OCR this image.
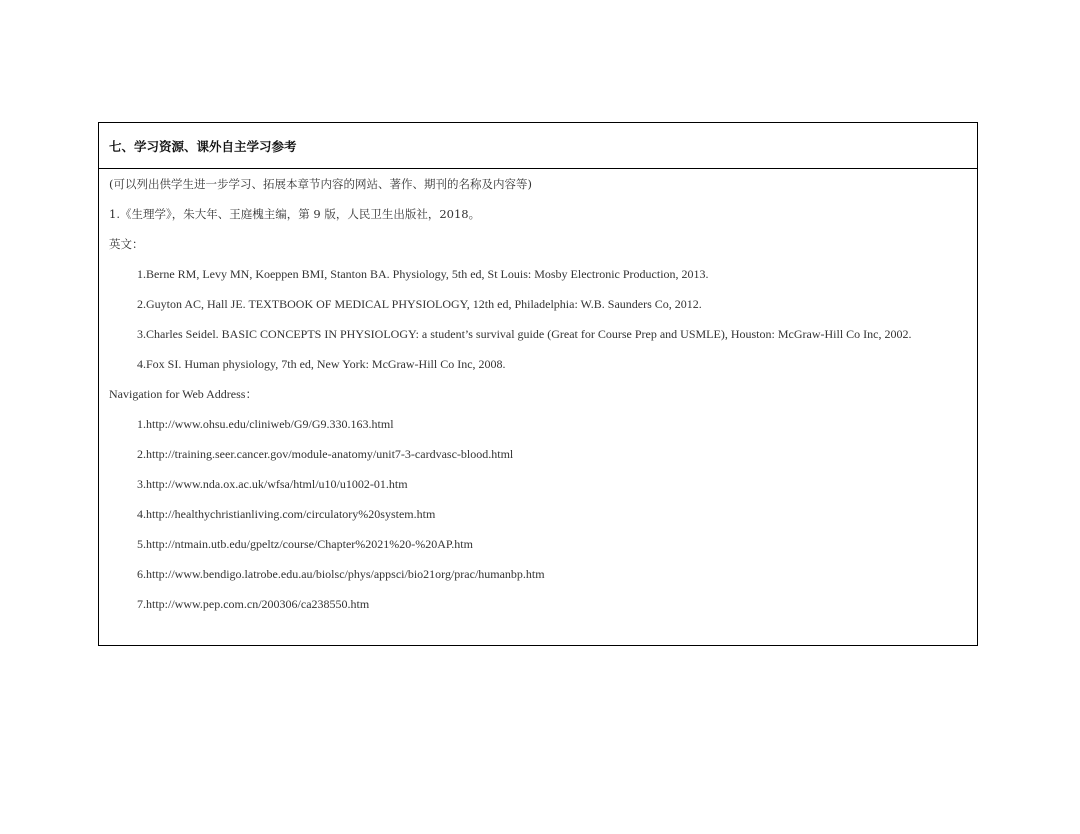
七、学习资源、课外自主学习参考

(可以列出供学生进一步学习、拓展本章节内容的网站、著作、期刊的名称及内容等)

1.《生理学》，朱大年、王庭槐主编，第 9 版，人民卫生出版社，2018。

英文：

1.Berne RM, Levy MN, Koeppen BMI, Stanton BA. Physiology, 5th ed, St Louis: Mosby Electronic Production, 2013.

2.Guyton AC, Hall JE. TEXTBOOK OF MEDICAL PHYSIOLOGY, 12th ed, Philadelphia: W.B. Saunders Co, 2012.

3.Charles Seidel. BASIC CONCEPTS IN PHYSIOLOGY: a student’s survival guide (Great for Course Prep and USMLE), Houston: McGraw-Hill Co Inc, 2002.

4.Fox SI. Human physiology, 7th ed, New York: McGraw-Hill Co Inc, 2008.

Navigation for Web Address：

1.http://www.ohsu.edu/cliniweb/G9/G9.330.163.html

2.http://training.seer.cancer.gov/module-anatomy/unit7-3-cardvasc-blood.html

3.http://www.nda.ox.ac.uk/wfsa/html/u10/u1002-01.htm

4.http://healthychristianliving.com/circulatory%20system.htm

5.http://ntmain.utb.edu/gpeltz/course/Chapter%2021%20-%20AP.htm

6.http://www.bendigo.latrobe.edu.au/biolsc/phys/appsci/bio21org/prac/humanbp.htm

7.http://www.pep.com.cn/200306/ca238550.htm
